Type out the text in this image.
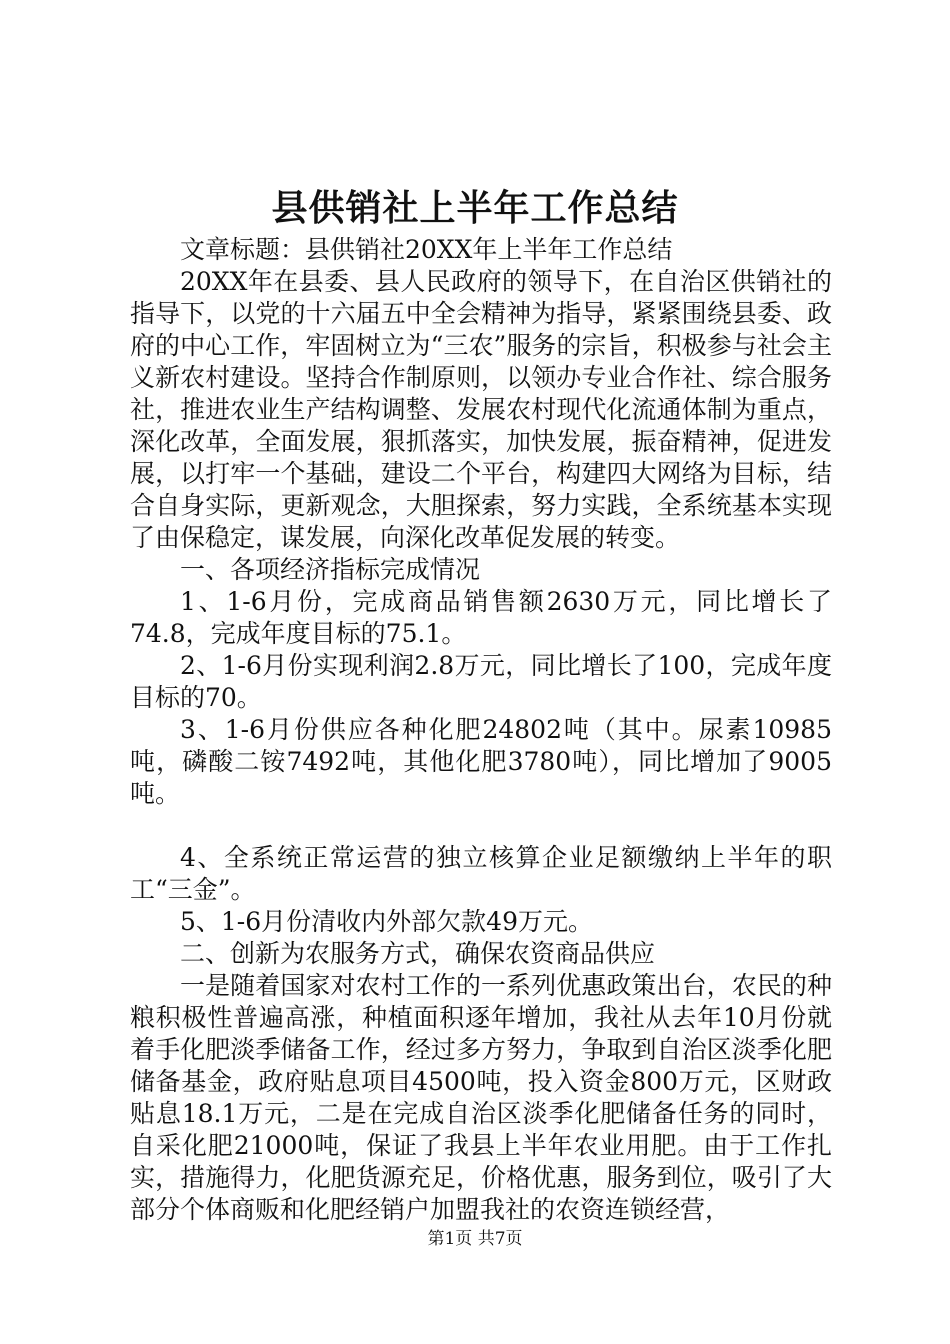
县供销社上半年工作总结

文章标题：县供销社20XX年上半年工作总结

20XX年在县委、县人民政府的领导下，在自治区供销社的指导下，以党的十六届五中全会精神为指导，紧紧围绕县委、政府的中心工作，牢固树立为“三农”服务的宗旨，积极参与社会主义新农村建设。坚持合作制原则，以领办专业合作社、综合服务社，推进农业生产结构调整、发展农村现代化流通体制为重点，深化改革，全面发展，狠抓落实，加快发展，振奋精神，促进发展，以打牢一个基础，建设二个平台，构建四大网络为目标，结合自身实际，更新观念，大胆探索，努力实践，全系统基本实现了由保稳定，谋发展，向深化改革促发展的转变。

一、各项经济指标完成情况

1、1-6月份，完成商品销售额2630万元，同比增长了74.8，完成年度目标的75.1。

2、1-6月份实现利润2.8万元，同比增长了100，完成年度目标的70。

3、1-6月份供应各种化肥24802吨（其中。尿素10985吨，磷酸二铵7492吨，其他化肥3780吨），同比增加了9005吨。

4、全系统正常运营的独立核算企业足额缴纳上半年的职工“三金”。

5、1-6月份清收内外部欠款49万元。

二、创新为农服务方式，确保农资商品供应

一是随着国家对农村工作的一系列优惠政策出台，农民的种粮积极性普遍高涨，种植面积逐年增加，我社从去年10月份就着手化肥淡季储备工作，经过多方努力，争取到自治区淡季化肥储备基金，政府贴息项目4500吨，投入资金800万元，区财政贴息18.1万元，二是在完成自治区淡季化肥储备任务的同时，自采化肥21000吨，保证了我县上半年农业用肥。由于工作扎实，措施得力，化肥货源充足，价格优惠，服务到位，吸引了大部分个体商贩和化肥经销户加盟我社的农资连锁经营，

第1页 共7页
